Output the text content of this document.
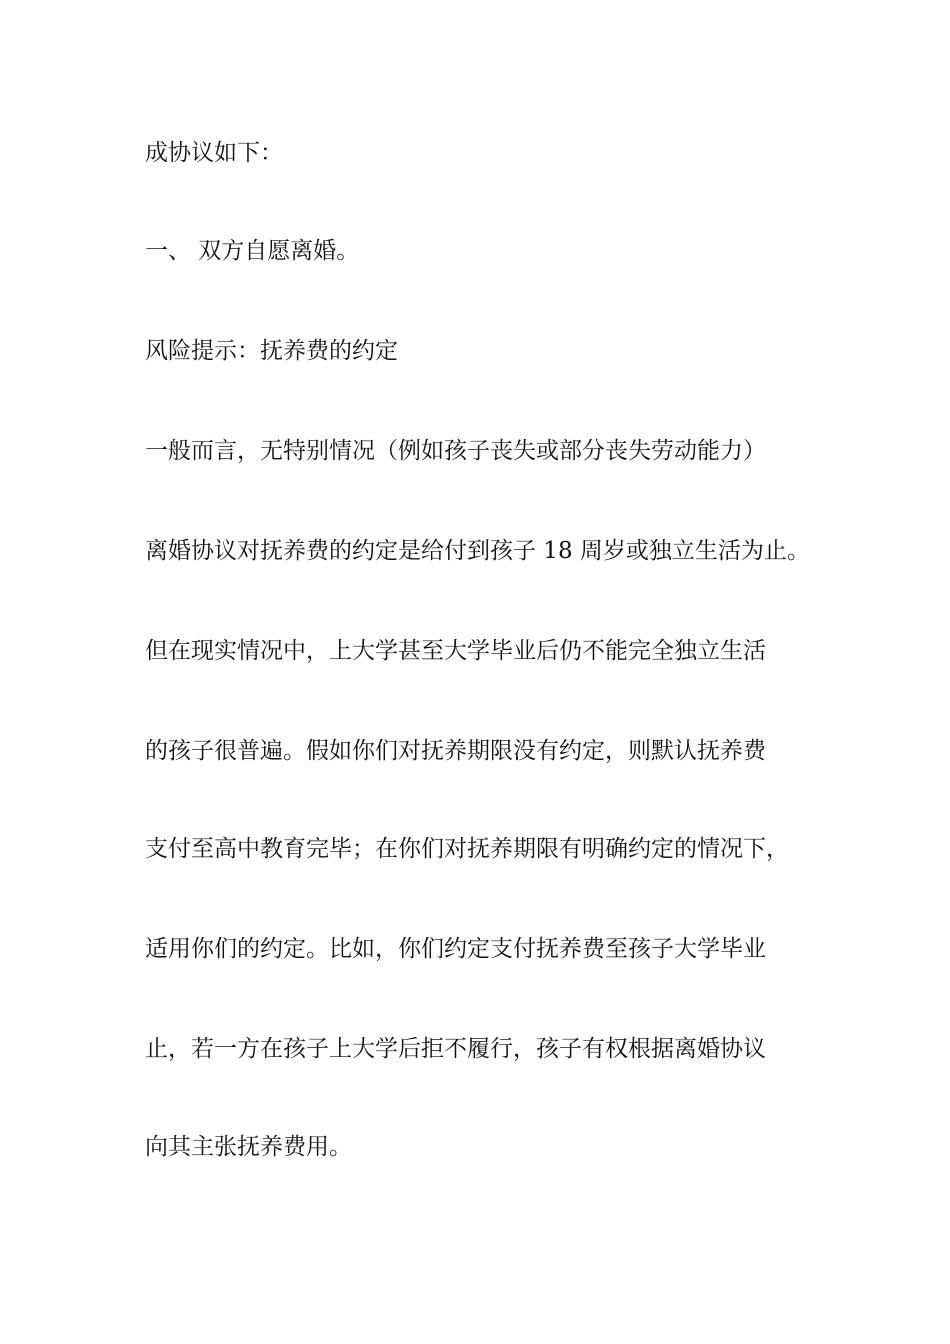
成协议如下：

一、 双方自愿离婚。

风险提示：抚养费的约定

一般而言，无特别情况（例如孩子丧失或部分丧失劳动能力）

离婚协议对抚养费的约定是给付到孩子 18 周岁或独立生活为止。

但在现实情况中，上大学甚至大学毕业后仍不能完全独立生活

的孩子很普遍。假如你们对抚养期限没有约定，则默认抚养费

支付至高中教育完毕；在你们对抚养期限有明确约定的情况下，

适用你们的约定。比如，你们约定支付抚养费至孩子大学毕业

止，若一方在孩子上大学后拒不履行，孩子有权根据离婚协议

向其主张抚养费用。
